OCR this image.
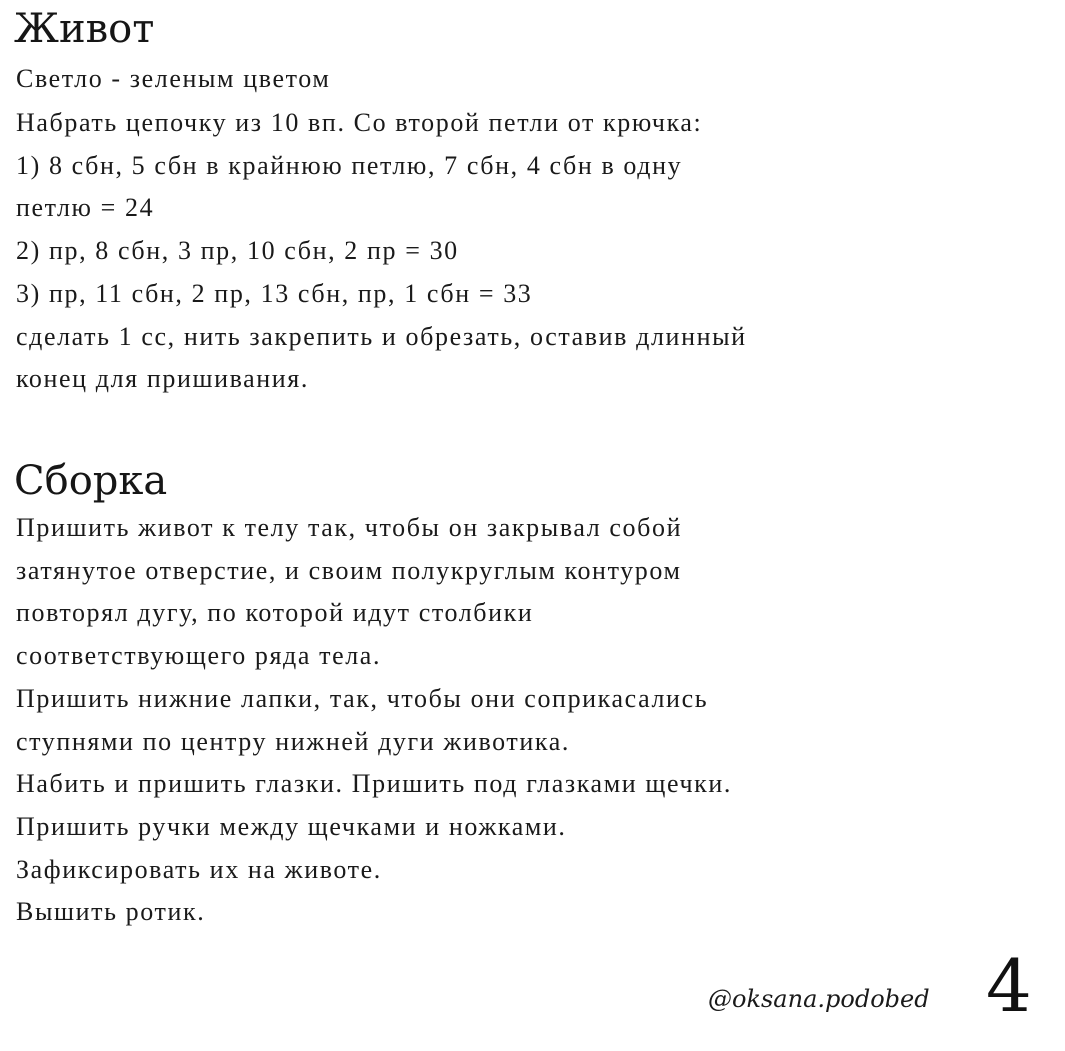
Живот

Светло - зеленым цветом

Набрать цепочку из 10 вп. Со второй петли от крючка:

1) 8 сбн, 5 сбн в крайнюю петлю, 7 сбн, 4 сбн в одну

петлю = 24

2) пр, 8 сбн, 3 пр, 10 сбн, 2 пр = 30

3) пр, 11 сбн, 2 пр, 13 сбн, пр, 1 сбн = 33

сделать 1 сс, нить закрепить и обрезать, оставив длинный

конец для пришивания.

Сборка

Пришить живот к телу так, чтобы он закрывал собой

затянутое отверстие, и своим полукруглым контуром

повторял дугу, по которой идут столбики

соответствующего ряда тела.

Пришить нижние лапки, так, чтобы они соприкасались

ступнями по центру нижней дуги животика.

Набить и пришить глазки. Пришить под глазками щечки.

Пришить ручки между щечками и ножками.

Зафиксировать их на животе.

Вышить ротик.

@oksana.podobed 4
